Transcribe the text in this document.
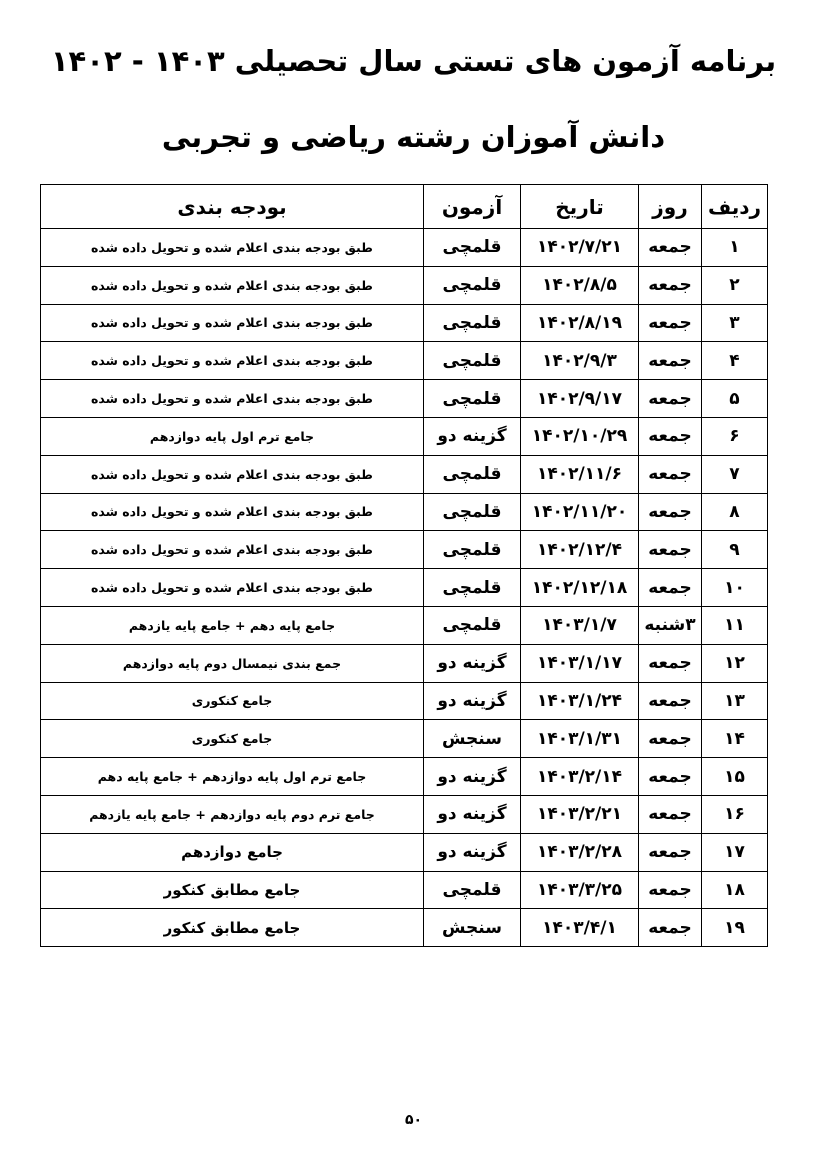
برنامه آزمون های تستی سال تحصیلی ۱۴۰۳ - ۱۴۰۲
دانش آموزان رشته ریاضی و تجربی
ردیف	روز	تاریخ	آزمون	بودجه بندی
۱	جمعه	۱۴۰۲/۷/۲۱	قلمچی	طبق بودجه بندی اعلام شده و تحویل داده شده
۲	جمعه	۱۴۰۲/۸/۵	قلمچی	طبق بودجه بندی اعلام شده و تحویل داده شده
۳	جمعه	۱۴۰۲/۸/۱۹	قلمچی	طبق بودجه بندی اعلام شده و تحویل داده شده
۴	جمعه	۱۴۰۲/۹/۳	قلمچی	طبق بودجه بندی اعلام شده و تحویل داده شده
۵	جمعه	۱۴۰۲/۹/۱۷	قلمچی	طبق بودجه بندی اعلام شده و تحویل داده شده
۶	جمعه	۱۴۰۲/۱۰/۲۹	گزینه دو	جامع ترم اول پایه دوازدهم
۷	جمعه	۱۴۰۲/۱۱/۶	قلمچی	طبق بودجه بندی اعلام شده و تحویل داده شده
۸	جمعه	۱۴۰۲/۱۱/۲۰	قلمچی	طبق بودجه بندی اعلام شده و تحویل داده شده
۹	جمعه	۱۴۰۲/۱۲/۴	قلمچی	طبق بودجه بندی اعلام شده و تحویل داده شده
۱۰	جمعه	۱۴۰۲/۱۲/۱۸	قلمچی	طبق بودجه بندی اعلام شده و تحویل داده شده
۱۱	۳شنبه	۱۴۰۳/۱/۷	قلمچی	جامع پایه دهم + جامع پایه یازدهم
۱۲	جمعه	۱۴۰۳/۱/۱۷	گزینه دو	جمع بندی نیمسال دوم پایه دوازدهم
۱۳	جمعه	۱۴۰۳/۱/۲۴	گزینه دو	جامع کنکوری
۱۴	جمعه	۱۴۰۳/۱/۳۱	سنجش	جامع کنکوری
۱۵	جمعه	۱۴۰۳/۲/۱۴	گزینه دو	جامع ترم اول پایه دوازدهم + جامع پایه دهم
۱۶	جمعه	۱۴۰۳/۲/۲۱	گزینه دو	جامع ترم دوم پایه دوازدهم + جامع پایه یازدهم
۱۷	جمعه	۱۴۰۳/۲/۲۸	گزینه دو	جامع دوازدهم
۱۸	جمعه	۱۴۰۳/۳/۲۵	قلمچی	جامع مطابق کنکور
۱۹	جمعه	۱۴۰۳/۴/۱	سنجش	جامع مطابق کنکور
۵۰
